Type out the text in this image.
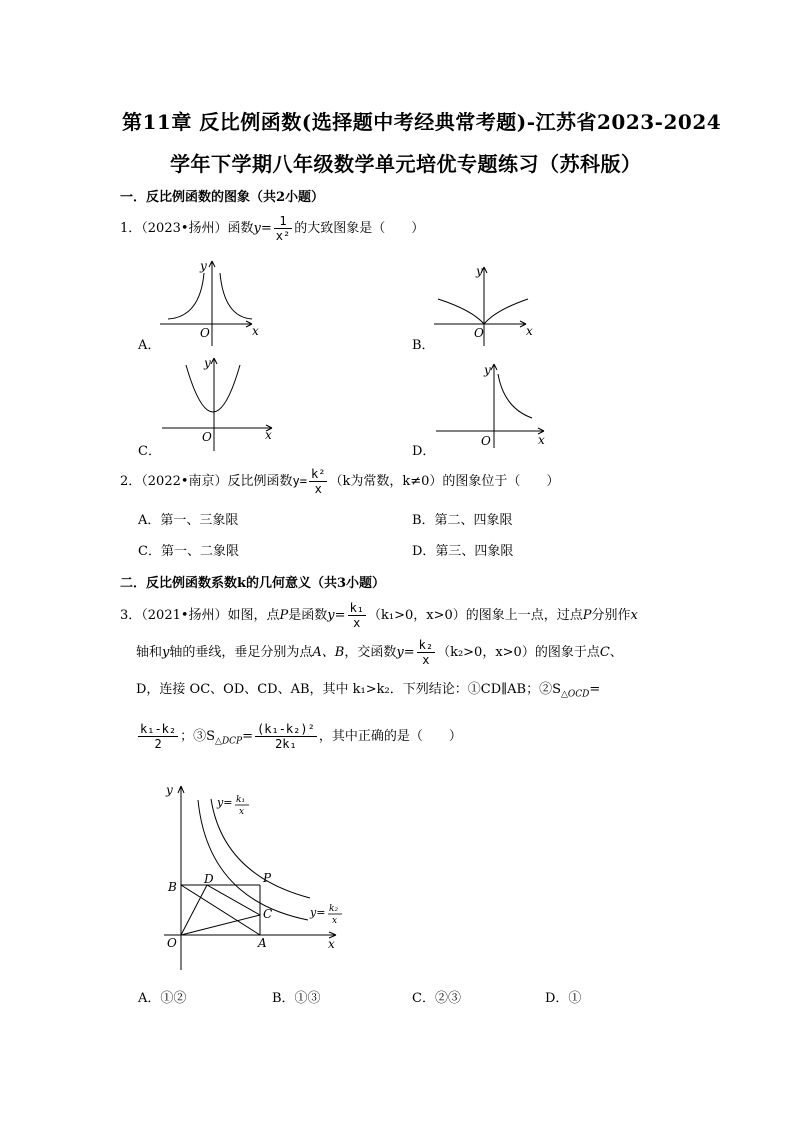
第11章 反比例函数(选择题中考经典常考题)-江苏省2023-2024
学年下学期八年级数学单元培优专题练习（苏科版）
一．反比例函数的图象（共2小题）
1．（2023•扬州）函数$y= \frac{1}{\text{x²}}$ 的大致图象是（　　）
A．
y
O	x
B．
y
O	x
C．
y
O	x
D．
y
O	x
2．（2022•南京）反比例函数$y= \frac{\text{k²}}{x} (k$为常数，k≠0）的图象位于（　　）
A．第一、三象限	B．第二、四象限
C．第一、二象限	D．第三、四象限
二．反比例函数系数k的几何意义（共3小题）
3．（2021•扬州）如图，点P是函数$y= \frac{\text{k₁}}{x} (k_1>0$，x>0）的图象上一点，过点P分别作x
轴和y轴的垂线，垂足分别为点A、B，交函数$y= \frac{\text{k₂}}{x} (k_2>0$，x>0）的图象于点C、
D，连接 OC、OD、CD、AB，其中 k₁>k₂．下列结论：①CD∥AB；$②S_{\triangle OCD}=$
$\frac{\text{k₁-k₂}}{2}$ ；$③S_{\triangle DCP}= \frac{\text{(k₁-k₂)²}}{\text{2k₁}}$ ，其中正确的是（　　）
y
x
O	A
B
C
D	P
y= k₁
x
y= k₂
x
A．①②	B．①③	C．②③	D．①
